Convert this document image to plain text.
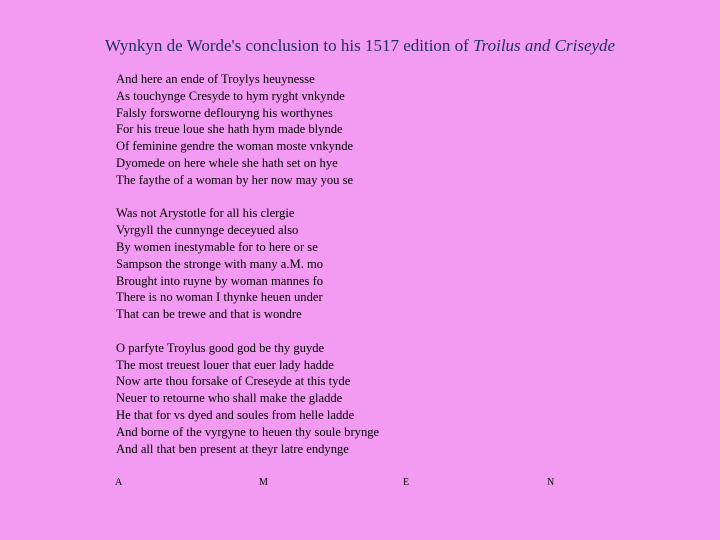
Wynkyn de Worde's conclusion to his 1517 edition of Troilus and Criseyde
And here an ende of Troylys heuynesse
As touchynge Cresyde to hym ryght vnkynde
Falsly forsworne deflouryng his worthynes
For his treue loue she hath hym made blynde
Of feminine gendre the woman moste vnkynde
Dyomede on here whele she hath set on hye
The faythe of a woman by her now may you se
Was not Arystotle for all his clergie
Vyrgyll the cunnynge deceyued also
By women inestymable for to here or se
Sampson the stronge with many a.M. mo
Brought into ruyne by woman mannes fo
There is no woman I thynke heuen under
That can be trewe and that is wondre
O parfyte Troylus good god be thy guyde
The most treuest louer that euer lady hadde
Now arte thou forsake of Creseyde at this tyde
Neuer to retourne who shall make the gladde
He that for vs dyed and soules from helle ladde
And borne of the vyrgyne to heuen thy soule brynge
And all that ben present at theyr latre endynge
A	M	E	N
